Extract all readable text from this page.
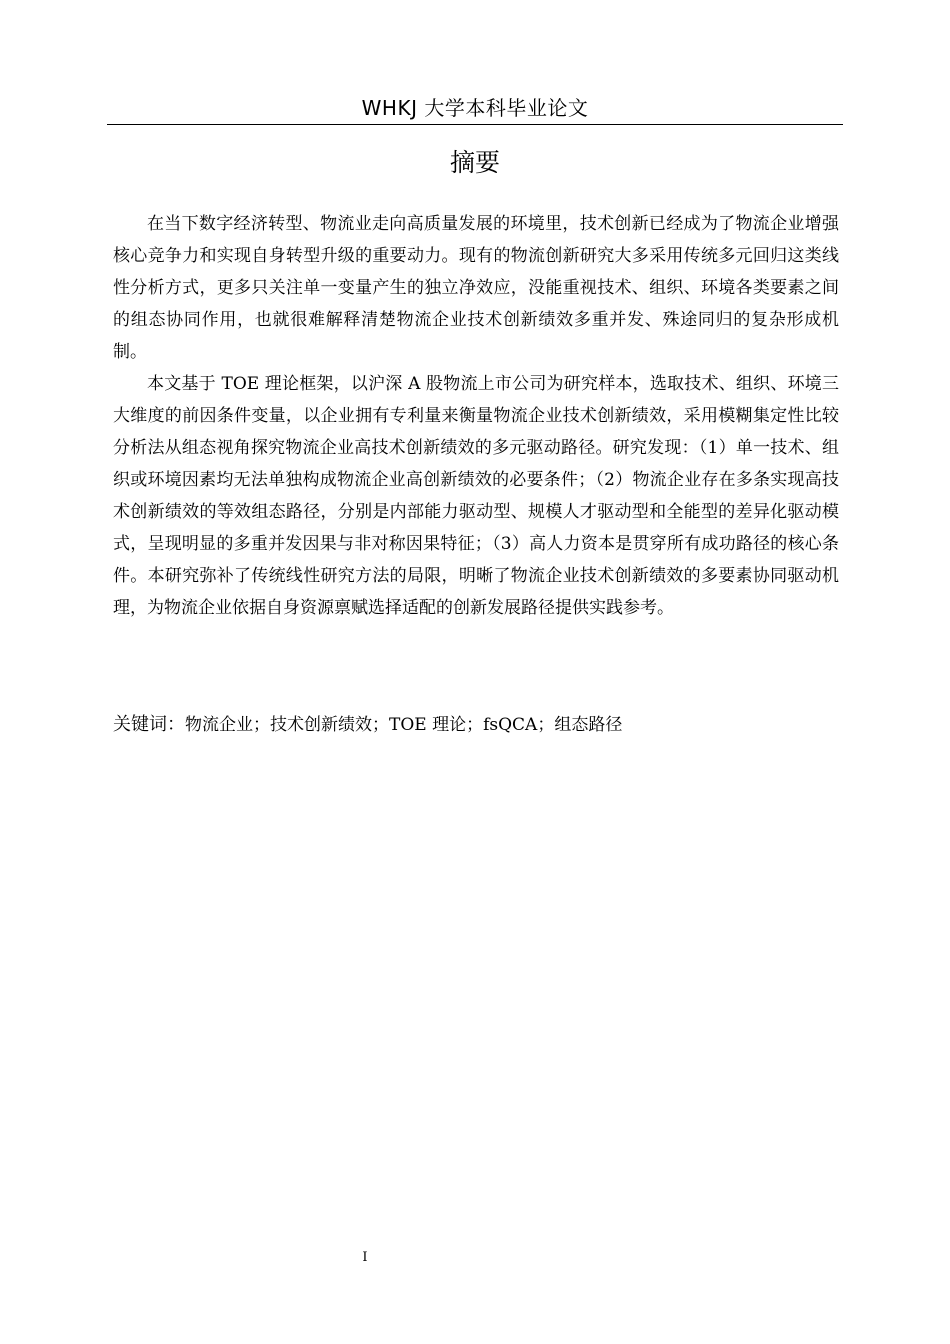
WHKJ 大学本科毕业论文
摘要

在当下数字经济转型、物流业走向高质量发展的环境里，技术创新已经成为了物流企业增强核心竞争力和实现自身转型升级的重要动力。现有的物流创新研究大多采用传统多元回归这类线性分析方式，更多只关注单一变量产生的独立净效应，没能重视技术、组织、环境各类要素之间的组态协同作用，也就很难解释清楚物流企业技术创新绩效多重并发、殊途同归的复杂形成机制。

本文基于 TOE 理论框架，以沪深 A 股物流上市公司为研究样本，选取技术、组织、环境三大维度的前因条件变量，以企业拥有专利量来衡量物流企业技术创新绩效，采用模糊集定性比较分析法从组态视角探究物流企业高技术创新绩效的多元驱动路径。研究发现：（1）单一技术、组织或环境因素均无法单独构成物流企业高创新绩效的必要条件；（2）物流企业存在多条实现高技术创新绩效的等效组态路径，分别是内部能力驱动型、规模人才驱动型和全能型的差异化驱动模式，呈现明显的多重并发因果与非对称因果特征；（3）高人力资本是贯穿所有成功路径的核心条件。本研究弥补了传统线性研究方法的局限，明晰了物流企业技术创新绩效的多要素协同驱动机理，为物流企业依据自身资源禀赋选择适配的创新发展路径提供实践参考。

关键词：物流企业；技术创新绩效；TOE 理论；fsQCA；组态路径
I
